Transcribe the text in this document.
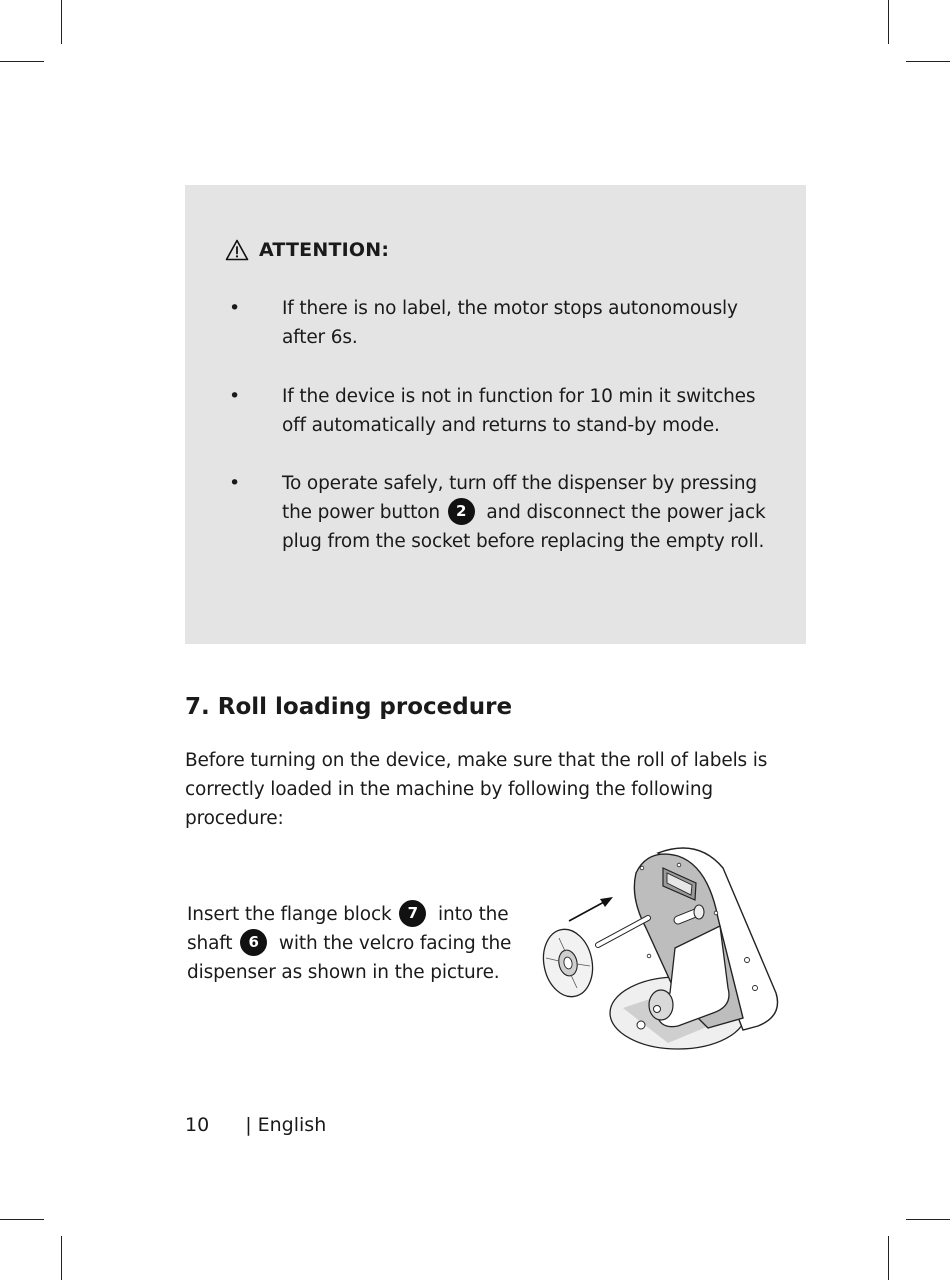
ATTENTION:
• If there is no label, the motor stops autonomously after 6s.
• If the device is not in function for 10 min it switches off automatically and returns to stand-by mode.
• To operate safely, turn off the dispenser by pressing the power button 2 and disconnect the power jack plug from the socket before replacing the empty roll.
7. Roll loading procedure

Before turning on the device, make sure that the roll of labels is correctly loaded in the machine by following the following procedure:

Insert the flange block 7 into the shaft 6 with the velcro facing the dispenser as shown in the picture.
10 | English
